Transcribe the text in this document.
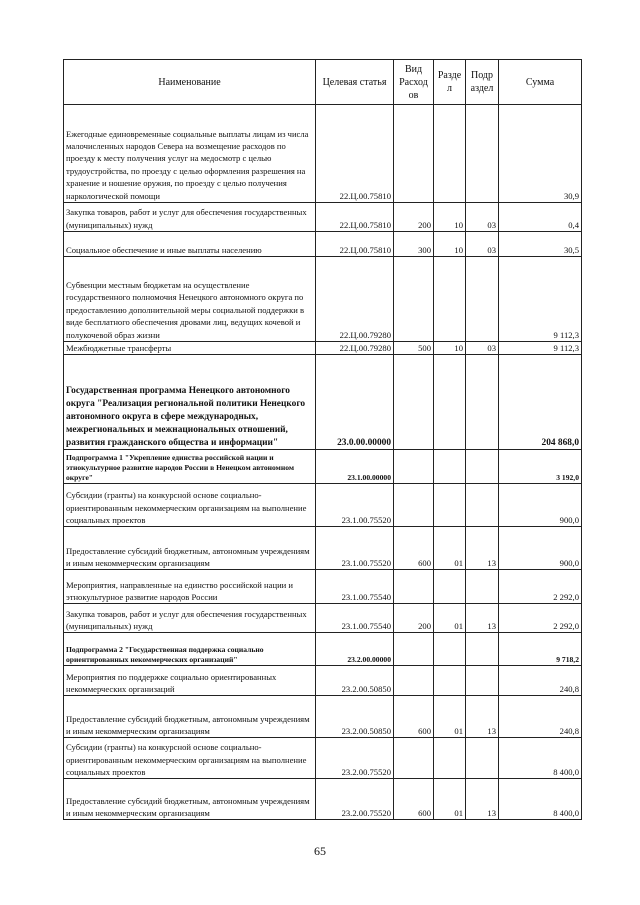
Наименование	Целевая статья	Вид Расход ов	Разде л	Подр аздел	Сумма
Ежегодные единовременные социальные выплаты лицам из числа малочисленных народов Севера на возмещение расходов по проезду к месту получения услуг на медосмотр с целью трудоустройства, по проезду с целью оформления разрешения на хранение и ношение оружия, по проезду с целью получения наркологической помощи	22.Ц.00.75810				30,9
Закупка товаров, работ и услуг для обеспечения государственных (муниципальных) нужд	22.Ц.00.75810	200	10	03	0,4
Социальное обеспечение и иные выплаты населению	22.Ц.00.75810	300	10	03	30,5
Субвенции местным бюджетам на осуществление государственного полномочия Ненецкого автономного округа по предоставлению дополнительной меры социальной поддержки в виде бесплатного обеспечения дровами лиц, ведущих кочевой и полукочевой образ жизни	22.Ц.00.79280				9 112,3
Межбюджетные трансферты	22.Ц.00.79280	500	10	03	9 112,3
Государственная программа Ненецкого автономного округа "Реализация региональной политики Ненецкого автономного округа в сфере международных, межрегиональных и межнациональных отношений, развития гражданского общества и информации"	23.0.00.00000				204 868,0
Подпрограмма 1 "Укрепление единства российской нации и этнокультурное развитие народов России в Ненецком автономном округе"	23.1.00.00000				3 192,0
Субсидии (гранты) на конкурсной основе социально-ориентированным некоммерческим организациям на выполнение социальных проектов	23.1.00.75520				900,0
Предоставление субсидий бюджетным, автономным учреждениям и иным некоммерческим организациям	23.1.00.75520	600	01	13	900,0
Мероприятия, направленные на единство российской нации и этнокультурное развитие народов России	23.1.00.75540				2 292,0
Закупка товаров, работ и услуг для обеспечения государственных (муниципальных) нужд	23.1.00.75540	200	01	13	2 292,0
Подпрограмма 2 "Государственная поддержка социально ориентированных некоммерческих организаций"	23.2.00.00000				9 718,2
Мероприятия по поддержке социально ориентированных некоммерческих организаций	23.2.00.50850				240,8
Предоставление субсидий бюджетным, автономным учреждениям и иным некоммерческим организациям	23.2.00.50850	600	01	13	240,8
Субсидии (гранты) на конкурсной основе социально-ориентированным некоммерческим организациям на выполнение социальных проектов	23.2.00.75520				8 400,0
Предоставление субсидий бюджетным, автономным учреждениям и иным некоммерческим организациям	23.2.00.75520	600	01	13	8 400,0
65
